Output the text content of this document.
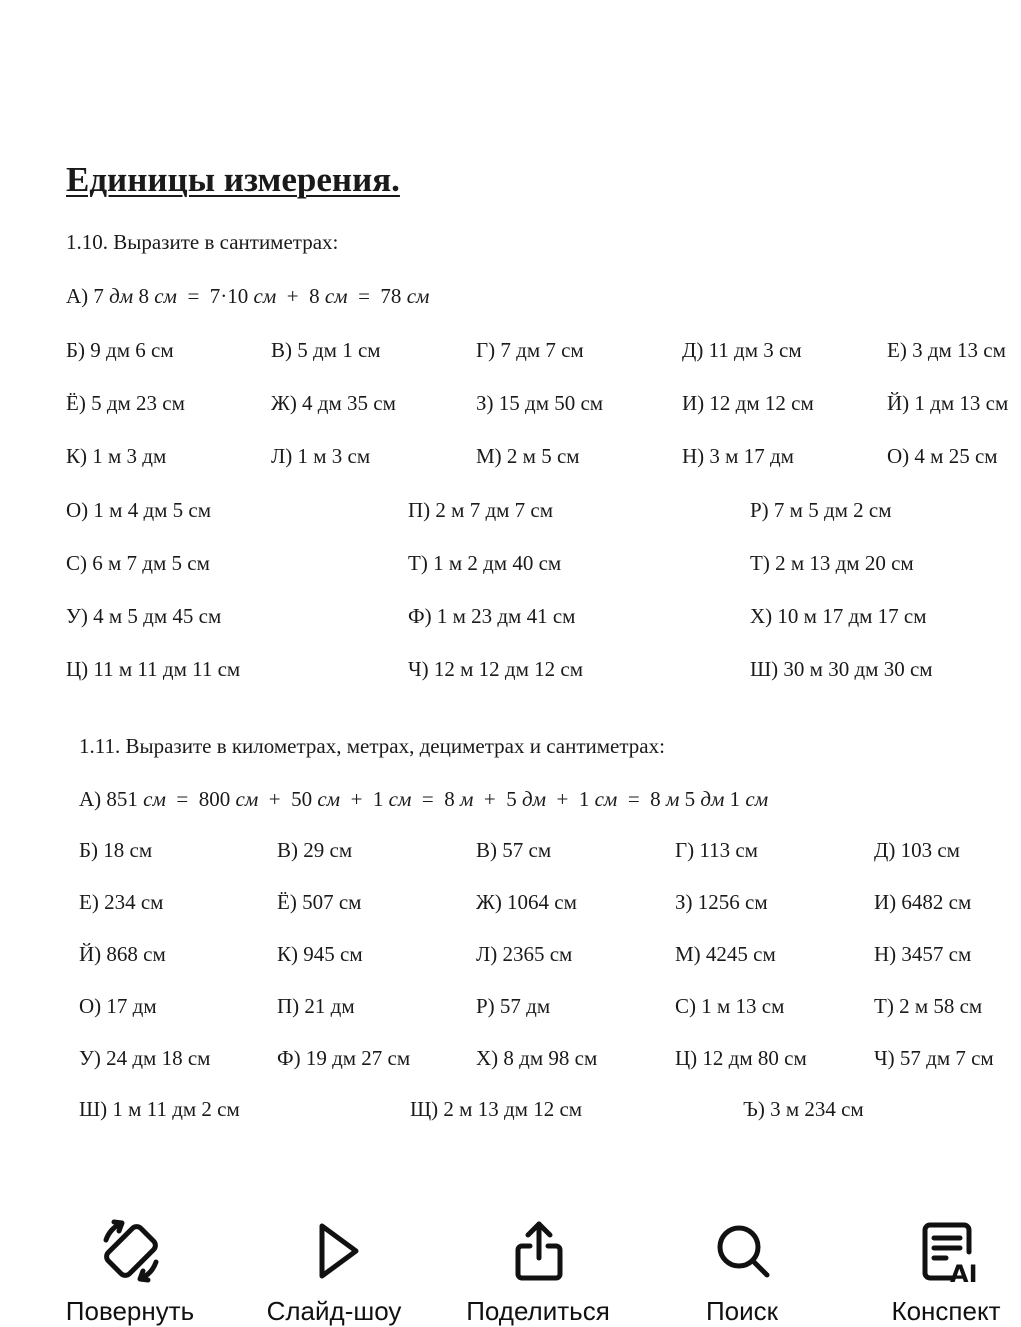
Единицы измерения.
1.10. Выразите в сантиметрах:
А) 7 дм 8 см  =  7·10 см  +  8 см  =  78 см
Б) 9 дм 6 см	В) 5 дм 1 см	Г) 7 дм 7 см	Д) 11 дм 3 см	Е) 3 дм 13 см
Ё) 5 дм 23 см	Ж) 4 дм 35 см	З) 15 дм 50 см	И) 12 дм 12 см	Й) 1 дм 13 см
К) 1 м 3 дм	Л) 1 м 3 см	М) 2 м 5 см	Н) 3 м 17 дм	О) 4 м 25 см
О) 1 м 4 дм 5 см	П) 2 м 7 дм 7 см	Р) 7 м 5 дм 2 см
С) 6 м 7 дм 5 см	Т) 1 м 2 дм 40 см	Т) 2 м 13 дм 20 см
У) 4 м 5 дм 45 см	Ф) 1 м 23 дм 41 см	Х) 10 м 17 дм 17 см
Ц) 11 м 11 дм 11 см	Ч) 12 м 12 дм 12 см	Ш) 30 м 30 дм 30 см
1.11. Выразите в километрах, метрах, дециметрах и сантиметрах:
А) 851 см  =  800 см  +  50 см  +  1 см  =  8 м  +  5 дм  +  1 см  =  8 м 5 дм 1 см
Б) 18 см	В) 29 см	В) 57 см	Г) 113 см	Д) 103 см
Е) 234 см	Ё) 507 см	Ж) 1064 см	З) 1256 см	И) 6482 см
Й) 868 см	К) 945 см	Л) 2365 см	М) 4245 см	Н) 3457 см
О) 17 дм	П) 21 дм	Р) 57 дм	С) 1 м 13 см	Т) 2 м 58 см
У) 24 дм 18 см	Ф) 19 дм 27 см	Х) 8 дм 98 см	Ц) 12 дм 80 см	Ч) 57 дм 7 см
Ш) 1 м 11 дм 2 см	Щ) 2 м 13 дм 12 см	Ъ) 3 м 234 см
Повернуть	Слайд-шоу	Поделиться	Поиск
AI
Конспект
